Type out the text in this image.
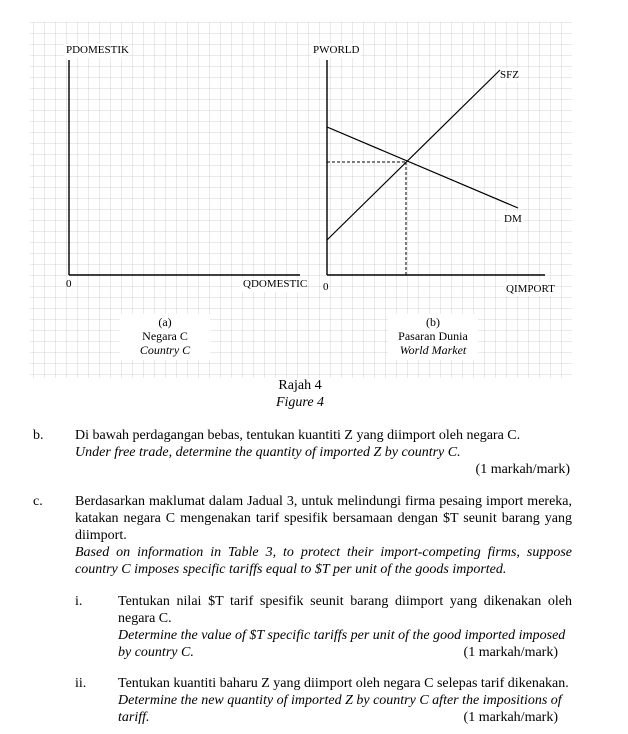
PDOMESTIK
0	QDOMESTIC
PWORLD
0	QIMPORT
SFZ
DM
(a)
Negara C
Country C
(b)
Pasaran Dunia
World Market
Rajah 4
Figure 4
b. Di bawah perdagangan bebas, tentukan kuantiti Z yang diimport oleh negara C.
Under free trade, determine the quantity of imported Z by country C.
(1 markah/mark)
c. Berdasarkan maklumat dalam Jadual 3, untuk melindungi firma pesaing import mereka, katakan negara C mengenakan tarif spesifik bersamaan dengan $T seunit barang yang diimport.
Based on information in Table 3, to protect their import-competing firms, suppose country C imposes specific tariffs equal to $T per unit of the goods imported.
i.	Tentukan nilai $T tarif spesifik seunit barang diimport yang dikenakan oleh negara C.
Determine the value of $T specific tariffs per unit of the good imported imposed by country C.	(1 markah/mark)
ii. Tentukan kuantiti baharu Z yang diimport oleh negara C selepas tarif dikenakan.
Determine the new quantity of imported Z by country C after the impositions of tariff.	(1 markah/mark)
